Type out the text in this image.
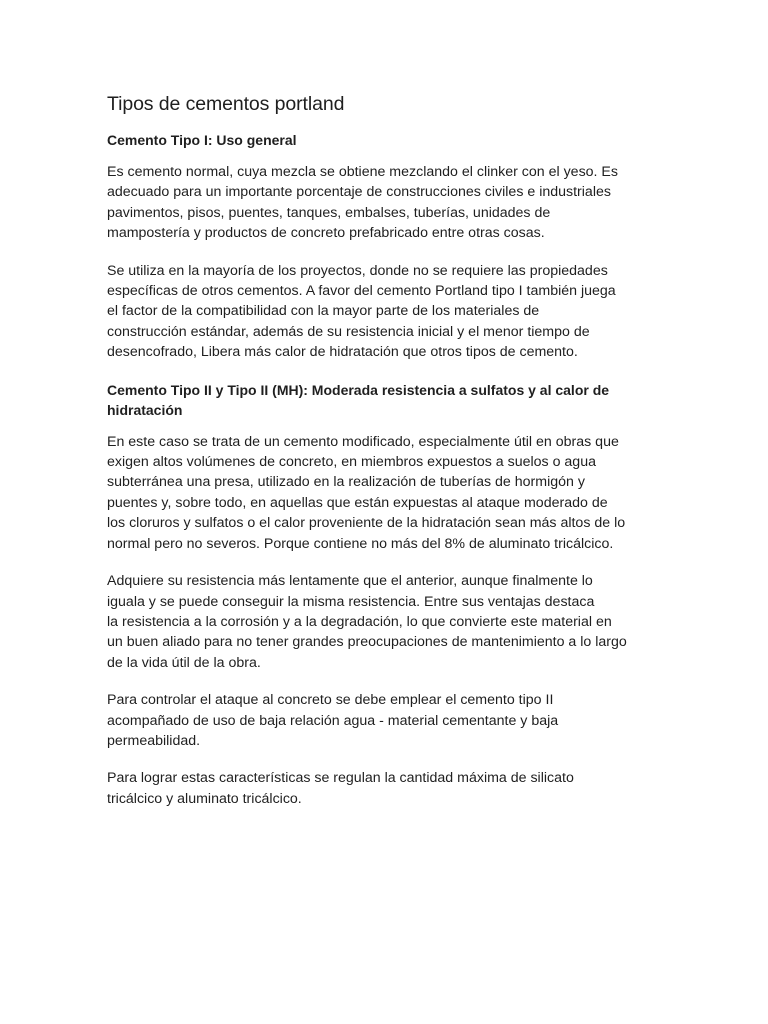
Tipos de cementos portland
Cemento Tipo I: Uso general

Es cemento normal, cuya mezcla se obtiene mezclando el clinker con el yeso. Es
adecuado para un importante porcentaje de construcciones civiles e industriales
pavimentos, pisos, puentes, tanques, embalses, tuberías, unidades de
mampostería y productos de concreto prefabricado entre otras cosas.

Se utiliza en la mayoría de los proyectos, donde no se requiere las propiedades
específicas de otros cementos. A favor del cemento Portland tipo I también juega
el factor de la compatibilidad con la mayor parte de los materiales de
construcción estándar, además de su resistencia inicial y el menor tiempo de
desencofrado, Libera más calor de hidratación que otros tipos de cemento.

Cemento Tipo II y Tipo II (MH): Moderada resistencia a sulfatos y al calor de
hidratación

En este caso se trata de un cemento modificado, especialmente útil en obras que
exigen altos volúmenes de concreto, en miembros expuestos a suelos o agua
subterránea una presa, utilizado en la realización de tuberías de hormigón y
puentes y, sobre todo, en aquellas que están expuestas al ataque moderado de
los cloruros y sulfatos o el calor proveniente de la hidratación sean más altos de lo
normal pero no severos. Porque contiene no más del 8% de aluminato tricálcico.

Adquiere su resistencia más lentamente que el anterior, aunque finalmente lo
iguala y se puede conseguir la misma resistencia. Entre sus ventajas destaca
la resistencia a la corrosión y a la degradación, lo que convierte este material en
un buen aliado para no tener grandes preocupaciones de mantenimiento a lo largo
de la vida útil de la obra.

Para controlar el ataque al concreto se debe emplear el cemento tipo II
acompañado de uso de baja relación agua - material cementante y baja
permeabilidad.

Para lograr estas características se regulan la cantidad máxima de silicato
tricálcico y aluminato tricálcico.
